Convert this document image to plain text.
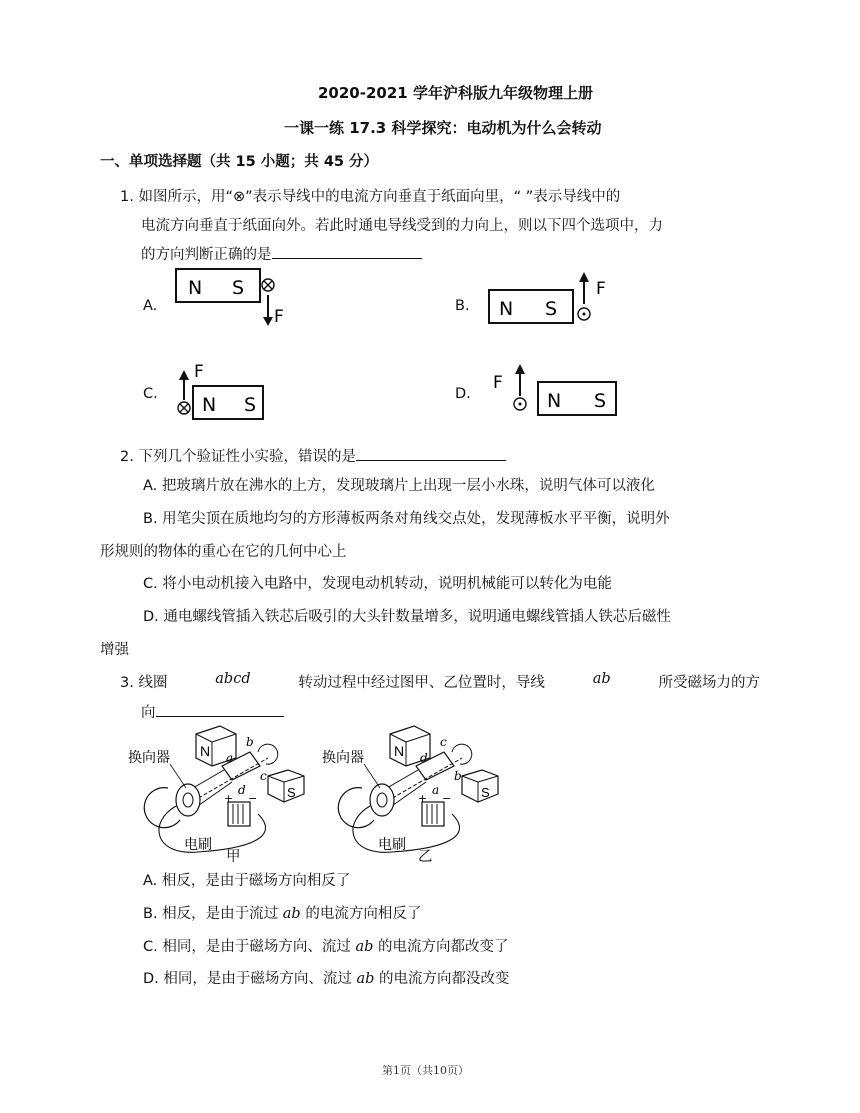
2020-2021 学年沪科版九年级物理上册
一课一练 17.3 科学探究：电动机为什么会转动
一、单项选择题（共 15 小题；共 45 分）
1. 如图所示，用“⊗”表示导线中的电流方向垂直于纸面向里，“ ”表示导线中的
电流方向垂直于纸面向外。若此时通电导线受到的力向上，则以下四个选项中，力
的方向判断正确的是
A.	B.
C.	D.
N S
F	N S
F
N S
F
F
N S
2. 下列几个验证性小实验，错误的是
A. 把玻璃片放在沸水的上方，发现玻璃片上出现一层小水珠，说明气体可以液化
B. 用笔尖顶在质地均匀的方形薄板两条对角线交点处，发现薄板水平平衡，说明外
形规则的物体的重心在它的几何中心上
C. 将小电动机接入电路中，发现电动机转动，说明机械能可以转化为电能
D. 通电螺线管插入铁芯后吸引的大头针数量增多，说明通电螺线管插人铁芯后磁性
增强
3. 线圈	abcd	转动过程中经过图甲、乙位置时，导线	ab	所受磁场力的方
向
N
S
a
b
c
d
+ −
换向器
电刷
甲
N
S
a
b
c
d
+ −
换向器
电刷
乙
A. 相反，是由于磁场方向相反了
B. 相反，是由于流过 ab 的电流方向相反了
C. 相同，是由于磁场方向、流过 ab 的电流方向都改变了
D. 相同，是由于磁场方向、流过 ab 的电流方向都没改变
第1页（共10页）
